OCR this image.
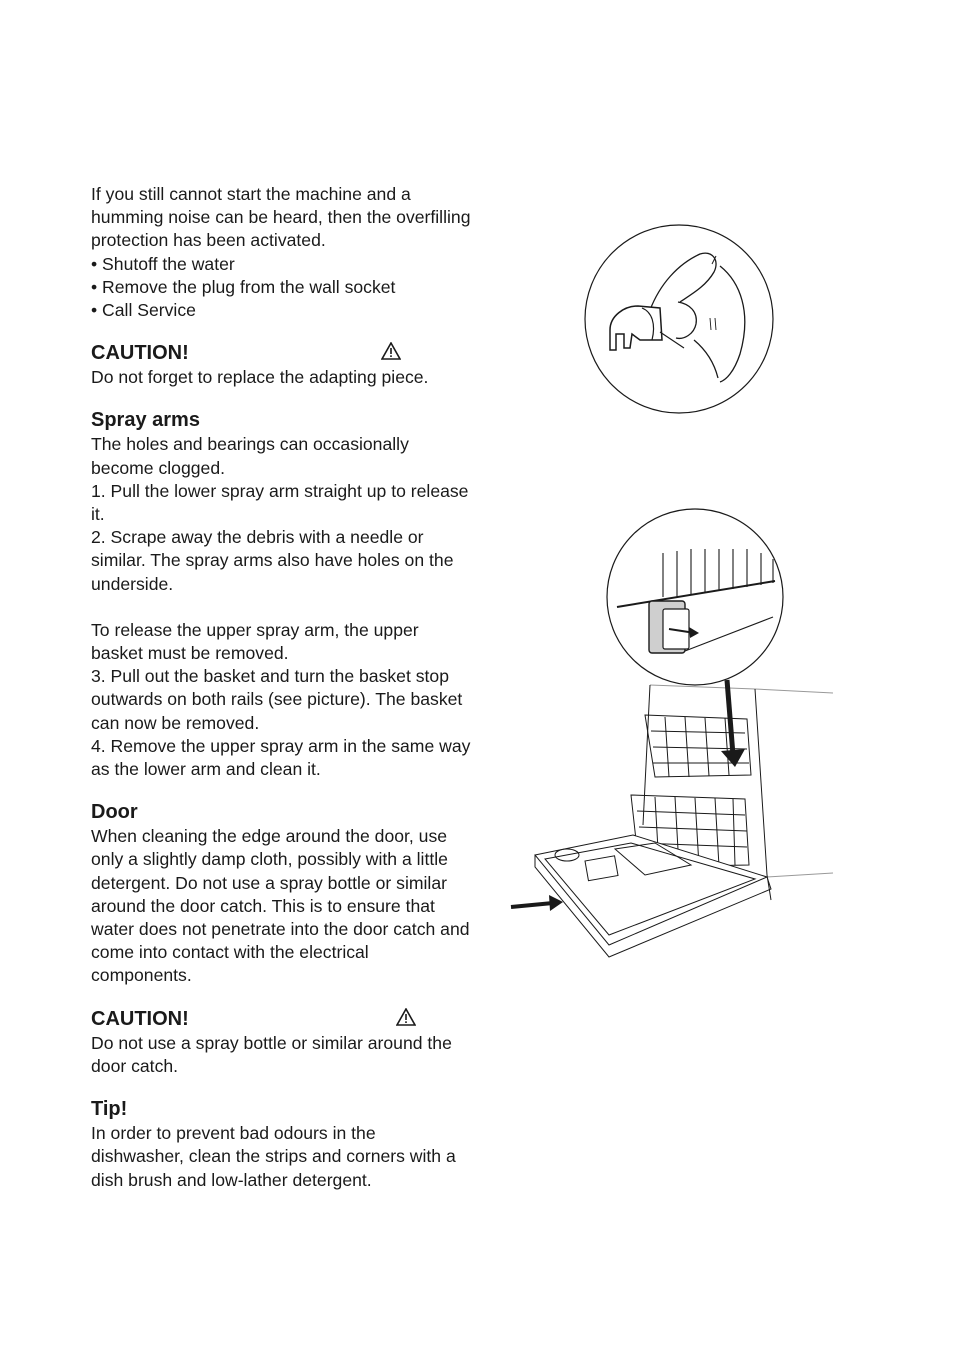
If you still cannot start the machine and a humming noise can be heard, then the overfilling protection has been activated.

• Shutoff the water

• Remove the plug from the wall socket

• Call Service

CAUTION!

Do not forget to replace the adapting piece.

Spray arms

The holes and bearings can occasionally become clogged.

1. Pull the lower spray arm straight up to release it.

2. Scrape away the debris with a needle or similar. The spray arms also have holes on the underside.

To release the upper spray arm, the upper basket must be removed.

3. Pull out the basket and turn the basket stop outwards on both rails (see picture). The basket can now be removed.

4. Remove the upper spray arm in the same way as the lower arm and clean it.

Door

When cleaning the edge around the door, use only a slightly damp cloth, possibly with a little detergent. Do not use a spray bottle or similar around the door catch. This is to ensure that water does not penetrate into the door catch and come into contact with the electrical components.

CAUTION!

Do not use a spray bottle or similar around the door catch.

Tip!

In order to prevent bad odours in the dishwasher, clean the strips and corners with a dish brush and low-lather detergent.
